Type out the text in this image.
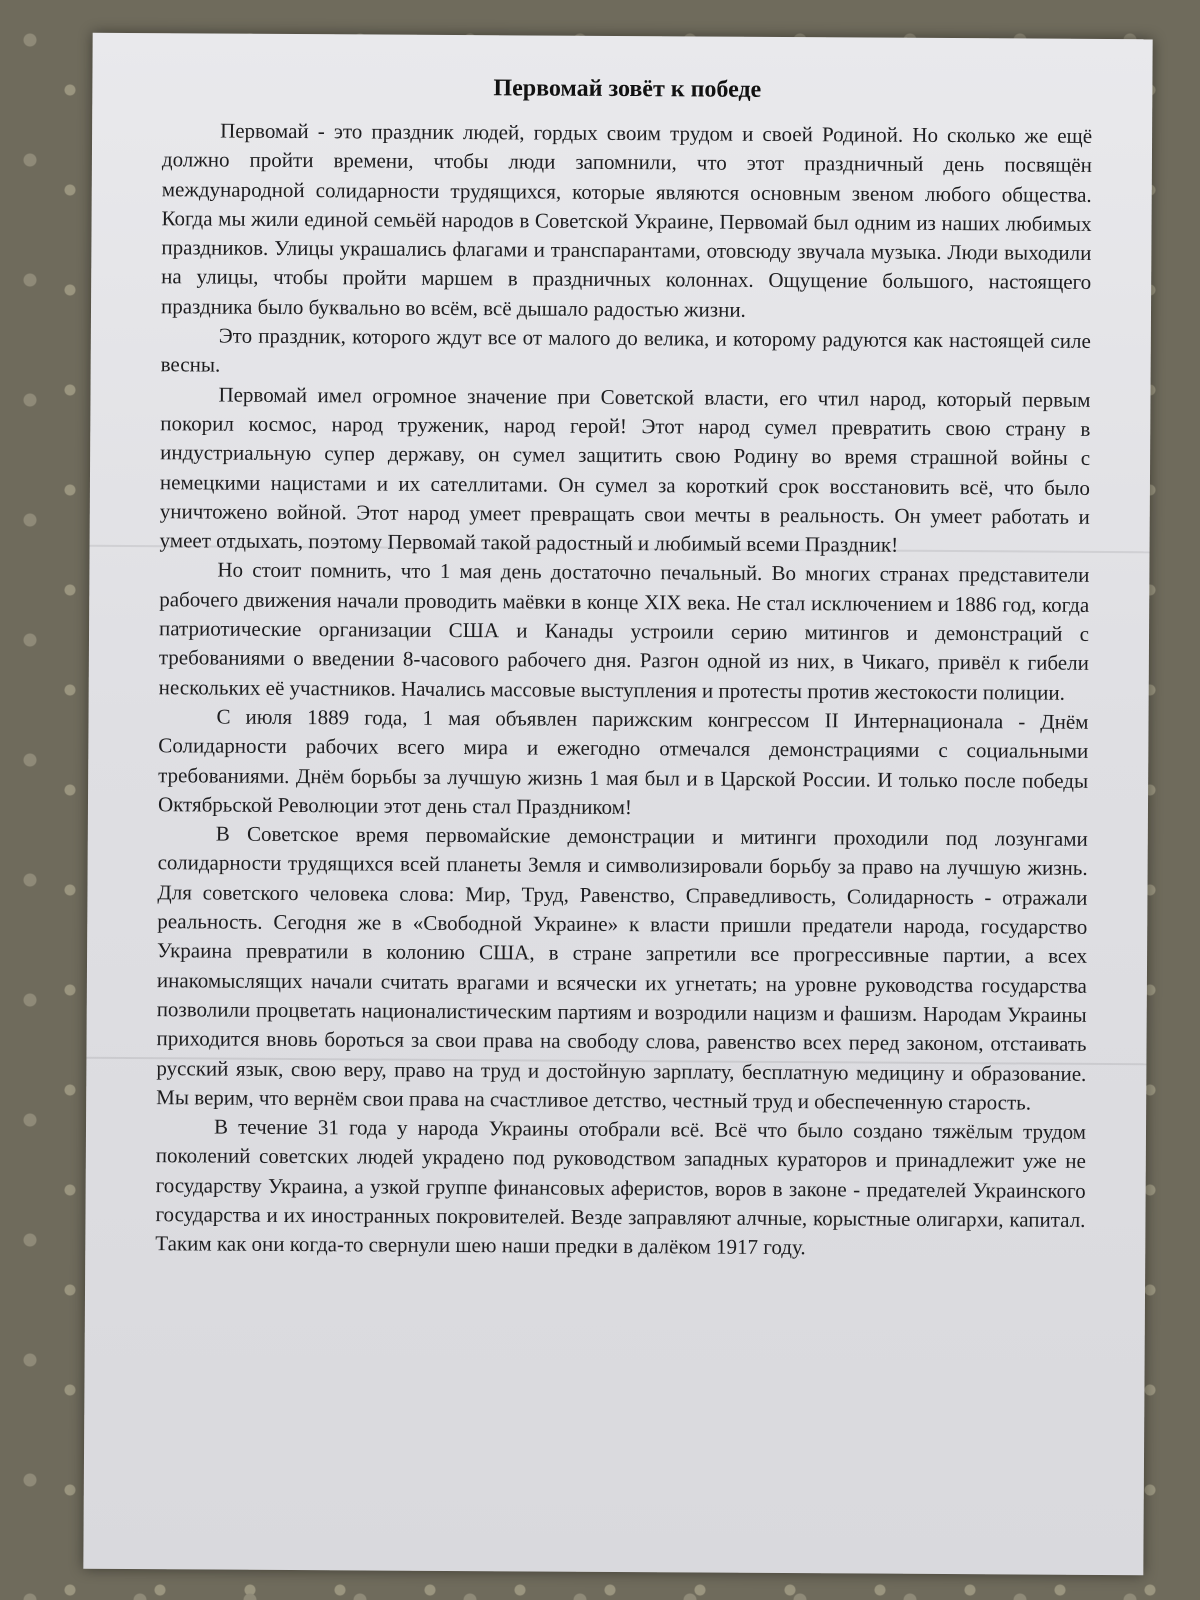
Первомай зовёт к победе

Первомай - это праздник людей, гордых своим трудом и своей Родиной. Но сколько же ещё должно пройти времени, чтобы люди запомнили, что этот праздничный день посвящён международной солидарности трудящихся, которые являются основным звеном любого общества. Когда мы жили единой семьёй народов в Советской Украине, Первомай был одним из наших любимых праздников. Улицы украшались флагами и транспарантами, отовсюду звучала музыка. Люди выходили на улицы, чтобы пройти маршем в праздничных колоннах. Ощущение большого, настоящего праздника было буквально во всём, всё дышало радостью жизни.

Это праздник, которого ждут все от малого до велика, и которому радуются как настоящей силе весны.

Первомай имел огромное значение при Советской власти, его чтил народ, который первым покорил космос, народ труженик, народ герой! Этот народ сумел превратить свою страну в индустриальную супер державу, он сумел защитить свою Родину во время страшной войны с немецкими нацистами и их сателлитами. Он сумел за короткий срок восстановить всё, что было уничтожено войной. Этот народ умеет превращать свои мечты в реальность. Он умеет работать и умеет отдыхать, поэтому Первомай такой радостный и любимый всеми Праздник!

Но стоит помнить, что 1 мая день достаточно печальный. Во многих странах представители рабочего движения начали проводить маёвки в конце XIX века. Не стал исключением и 1886 год, когда патриотические организации США и Канады устроили серию митингов и демонстраций с требованиями о введении 8-часового рабочего дня. Разгон одной из них, в Чикаго, привёл к гибели нескольких её участников. Начались массовые выступления и протесты против жестокости полиции.

С июля 1889 года, 1 мая объявлен парижским конгрессом II Интернационала - Днём Солидарности рабочих всего мира и ежегодно отмечался демонстрациями с социальными требованиями. Днём борьбы за лучшую жизнь 1 мая был и в Царской России. И только после победы Октябрьской Революции этот день стал Праздником!

В Советское время первомайские демонстрации и митинги проходили под лозунгами солидарности трудящихся всей планеты Земля и символизировали борьбу за право на лучшую жизнь. Для советского человека слова: Мир, Труд, Равенство, Справедливость, Солидарность - отражали реальность. Сегодня же в «Свободной Украине» к власти пришли предатели народа, государство Украина превратили в колонию США, в стране запретили все прогрессивные партии, а всех инакомыслящих начали считать врагами и всячески их угнетать; на уровне руководства государства позволили процветать националистическим партиям и возродили нацизм и фашизм. Народам Украины приходится вновь бороться за свои права на свободу слова, равенство всех перед законом, отстаивать русский язык, свою веру, право на труд и достойную зарплату, бесплатную медицину и образование. Мы верим, что вернём свои права на счастливое детство, честный труд и обеспеченную старость.

В течение 31 года у народа Украины отобрали всё. Всё что было создано тяжёлым трудом поколений советских людей украдено под руководством западных кураторов и принадлежит уже не государству Украина, а узкой группе финансовых аферистов, воров в законе - предателей Украинского государства и их иностранных покровителей. Везде заправляют алчные, корыстные олигархи, капитал. Таким как они когда-то свернули шею наши предки в далёком 1917 году.
